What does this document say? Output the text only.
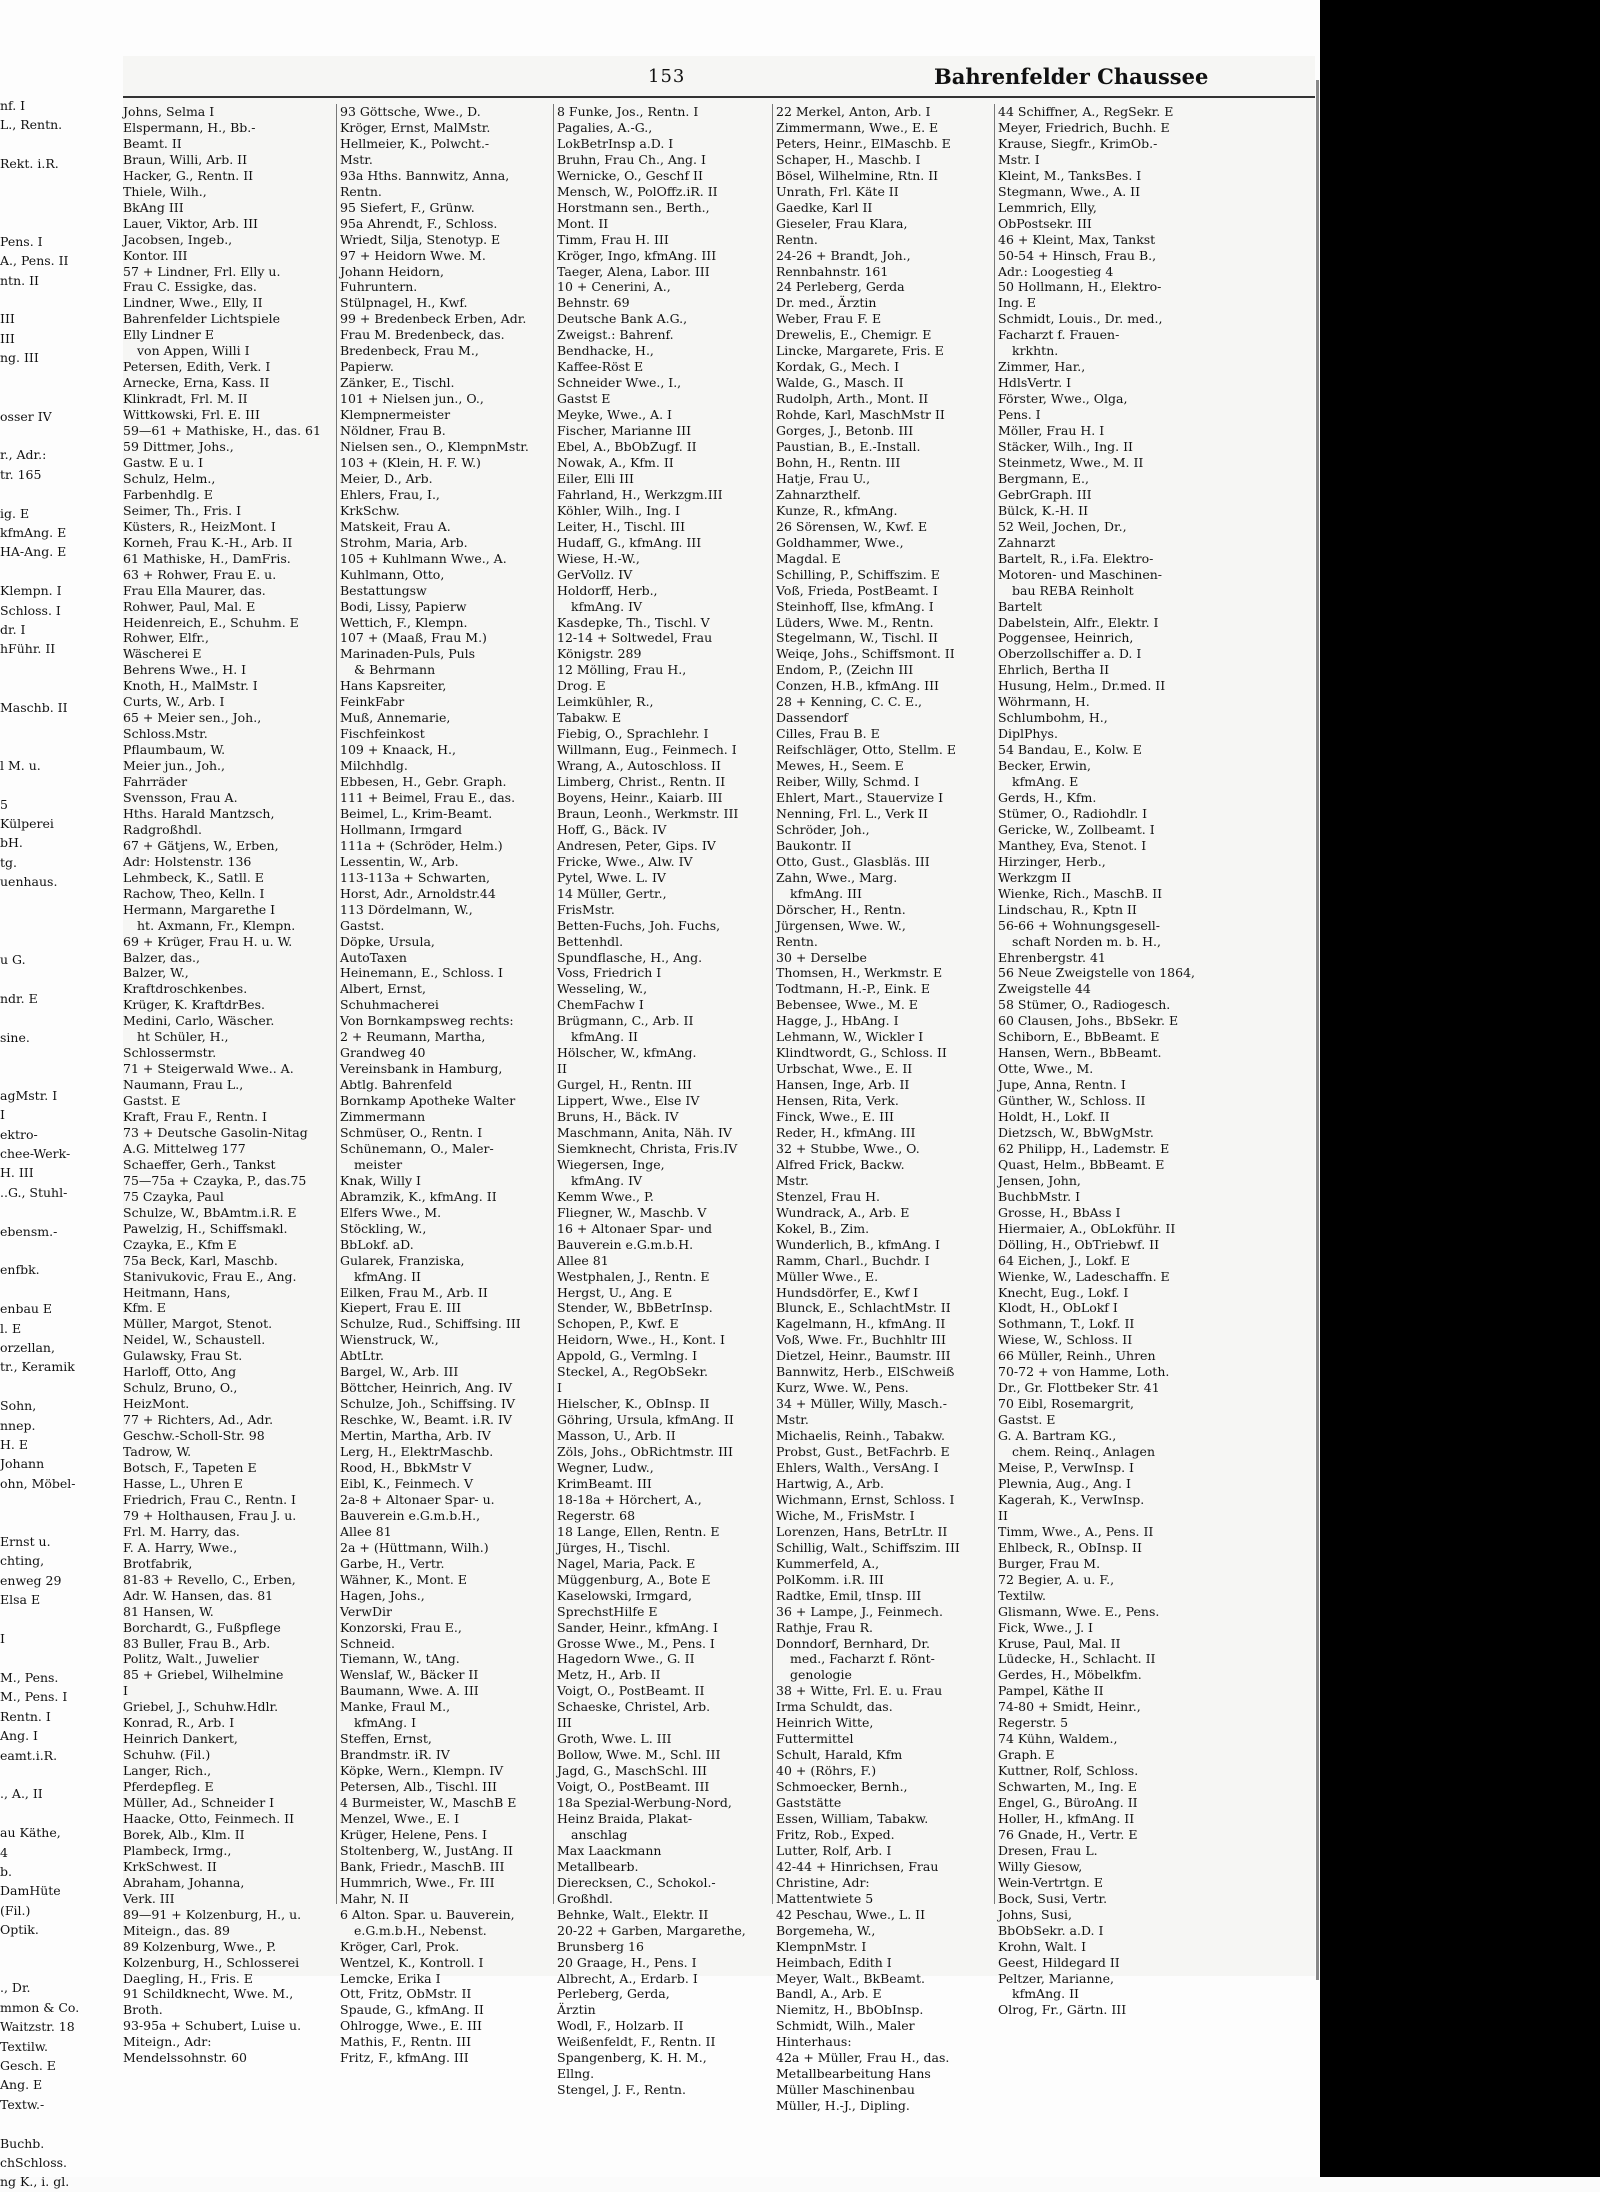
nf. I
L., Rentn.

Rekt. i.R.

Pens. I
A., Pens. II
ntn. II

III
III
ng. III

osser IV

r., Adr.:
tr. 165

ig. E
kfmAng. E
HA-Ang. E

Klempn. I
Schloss. I
dr. I
hFühr. II

Maschb. II

l M. u.

5
Külperei
bH.
tg.
uenhaus.

u G.

ndr. E

sine.

agMstr. I
I
ektro-
chee-Werk-
H. III
..G., Stuhl-

ebensm.-

enfbk.

enbau E
l. E
orzellan,
tr., Keramik

Sohn,
nnep.
H. E
Johann
ohn, Möbel-

Ernst u.
chting,
enweg 29
Elsa E

I

M., Pens.
M., Pens. I
Rentn. I
Ang. I
eamt.i.R.

., A., II

au Käthe,
4
b.
DamHüte
(Fil.)
Optik.

., Dr.
mmon & Co.
Waitzstr. 18
Textilw.
Gesch. E
Ang. E
Textw.-

Buchb.
chSchloss.
ng K., i. gl.
153	Bahrenfelder Chaussee
Johns, Selma I
Elspermann, H., Bb.-
Beamt. II
Braun, Willi, Arb. II
Hacker, G., Rentn. II
Thiele, Wilh.,
BkAng III
Lauer, Viktor, Arb. III
Jacobsen, Ingeb.,
Kontor. III
57 + Lindner, Frl. Elly u.
Frau C. Essigke, das.
Lindner, Wwe., Elly, II
Bahrenfelder Lichtspiele
Elly Lindner E
von Appen, Willi I
Petersen, Edith, Verk. I
Arnecke, Erna, Kass. II
Klinkradt, Frl. M. II
Wittkowski, Frl. E. III
59—61 + Mathiske, H., das. 61
59 Dittmer, Johs.,
Gastw. E u. I
Schulz, Helm.,
Farbenhdlg. E
Seimer, Th., Fris. I
Küsters, R., HeizMont. I
Korneh, Frau K.-H., Arb. II
61 Mathiske, H., DamFris.
63 + Rohwer, Frau E. u.
Frau Ella Maurer, das.
Rohwer, Paul, Mal. E
Heidenreich, E., Schuhm. E
Rohwer, Elfr.,
Wäscherei E
Behrens Wwe., H. I
Knoth, H., MalMstr. I
Curts, W., Arb. I
65 + Meier sen., Joh.,
Schloss.Mstr.
Pflaumbaum, W.
Meier jun., Joh.,
Fahrräder
Svensson, Frau A.
Hths. Harald Mantzsch,
Radgroßhdl.
67 + Gätjens, W., Erben,
Adr: Holstenstr. 136
Lehmbeck, K., Satll. E
Rachow, Theo, Kelln. I
Hermann, Margarethe I
ht. Axmann, Fr., Klempn.
69 + Krüger, Frau H. u. W.
Balzer, das.,
Balzer, W.,
Kraftdroschkenbes.
Krüger, K. KraftdrBes.
Medini, Carlo, Wäscher.
ht Schüler, H.,
Schlossermstr.
71 + Steigerwald Wwe.. A.
Naumann, Frau L.,
Gastst. E
Kraft, Frau F., Rentn. I
73 + Deutsche Gasolin-Nitag
A.G. Mittelweg 177
Schaeffer, Gerh., Tankst
75—75a + Czayka, P., das.75
75 Czayka, Paul
Schulze, W., BbAmtm.i.R. E
Pawelzig, H., Schiffsmakl.
Czayka, E., Kfm E
75a Beck, Karl, Maschb.
Stanivukovic, Frau E., Ang.
Heitmann, Hans,
Kfm. E
Müller, Margot, Stenot.
Neidel, W., Schaustell.
Gulawsky, Frau St.
Harloff, Otto, Ang
Schulz, Bruno, O.,
HeizMont.
77 + Richters, Ad., Adr.
Geschw.-Scholl-Str. 98
Tadrow, W.
Botsch, F., Tapeten E
Hasse, L., Uhren E
Friedrich, Frau C., Rentn. I
79 + Holthausen, Frau J. u.
Frl. M. Harry, das.
F. A. Harry, Wwe.,
Brotfabrik,
81-83 + Revello, C., Erben,
Adr. W. Hansen, das. 81
81 Hansen, W.
Borchardt, G., Fußpflege
83 Buller, Frau B., Arb.
Politz, Walt., Juwelier
85 + Griebel, Wilhelmine
I
Griebel, J., Schuhw.Hdlr.
Konrad, R., Arb. I
Heinrich Dankert,
Schuhw. (Fil.)
Langer, Rich.,
Pferdepfleg. E
Müller, Ad., Schneider I
Haacke, Otto, Feinmech. II
Borek, Alb., Klm. II
Plambeck, Irmg.,
KrkSchwest. II
Abraham, Johanna,
Verk. III
89—91 + Kolzenburg, H., u.
Miteign., das. 89
89 Kolzenburg, Wwe., P.
Kolzenburg, H., Schlosserei
Daegling, H., Fris. E
91 Schildknecht, Wwe. M.,
Broth.
93-95a + Schubert, Luise u.
Miteign., Adr:
Mendelssohnstr. 60
93 Göttsche, Wwe., D.
Kröger, Ernst, MalMstr.
Hellmeier, K., Polwcht.-
Mstr.
93a Hths. Bannwitz, Anna,
Rentn.
95 Siefert, F., Grünw.
95a Ahrendt, F., Schloss.
Wriedt, Silja, Stenotyp. E
97 + Heidorn Wwe. M.
Johann Heidorn,
Fuhruntern.
Stülpnagel, H., Kwf.
99 + Bredenbeck Erben, Adr.
Frau M. Bredenbeck, das.
Bredenbeck, Frau M.,
Papierw.
Zänker, E., Tischl.
101 + Nielsen jun., O.,
Klempnermeister
Nöldner, Frau B.
Nielsen sen., O., KlempnMstr.
103 + (Klein, H. F. W.)
Meier, D., Arb.
Ehlers, Frau, I.,
KrkSchw.
Matskeit, Frau A.
Strohm, Maria, Arb.
105 + Kuhlmann Wwe., A.
Kuhlmann, Otto,
Bestattungsw
Bodi, Lissy, Papierw
Wettich, F., Klempn.
107 + (Maaß, Frau M.)
Marinaden-Puls, Puls
& Behrmann
Hans Kapsreiter,
FeinkFabr
Muß, Annemarie,
Fischfeinkost
109 + Knaack, H.,
Milchhdlg.
Ebbesen, H., Gebr. Graph.
111 + Beimel, Frau E., das.
Beimel, L., Krim-Beamt.
Hollmann, Irmgard
111a + (Schröder, Helm.)
Lessentin, W., Arb.
113-113a + Schwarten,
Horst, Adr., Arnoldstr.44
113 Dördelmann, W.,
Gastst.
Döpke, Ursula,
AutoTaxen
Heinemann, E., Schloss. I
Albert, Ernst,
Schuhmacherei
Von Bornkampsweg rechts:
2 + Reumann, Martha,
Grandweg 40
Vereinsbank in Hamburg,
Abtlg. Bahrenfeld
Bornkamp Apotheke Walter
Zimmermann
Schmüser, O., Rentn. I
Schünemann, O., Maler-
meister
Knak, Willy I
Abramzik, K., kfmAng. II
Elfers Wwe., M.
Stöckling, W.,
BbLokf. aD.
Gularek, Franziska,
kfmAng. II
Eilken, Frau M., Arb. II
Kiepert, Frau E. III
Schulze, Rud., Schiffsing. III
Wienstruck, W.,
AbtLtr.
Bargel, W., Arb. III
Böttcher, Heinrich, Ang. IV
Schulze, Joh., Schiffsing. IV
Reschke, W., Beamt. i.R. IV
Mertin, Martha, Arb. IV
Lerg, H., ElektrMaschb.
Rood, H., BbkMstr V
Eibl, K., Feinmech. V
2a-8 + Altonaer Spar- u.
Bauverein e.G.m.b.H.,
Allee 81
2a + (Hüttmann, Wilh.)
Garbe, H., Vertr.
Wähner, K., Mont. E
Hagen, Johs.,
VerwDir
Konzorski, Frau E.,
Schneid.
Tiemann, W., tAng.
Wenslaf, W., Bäcker II
Baumann, Wwe. A. III
Manke, Fraul M.,
kfmAng. I
Steffen, Ernst,
Brandmstr. iR. IV
Köpke, Wern., Klempn. IV
Petersen, Alb., Tischl. III
4 Burmeister, W., MaschB E
Menzel, Wwe., E. I
Krüger, Helene, Pens. I
Stoltenberg, W., JustAng. II
Bank, Friedr., MaschB. III
Hummrich, Wwe., Fr. III
Mahr, N. II
6 Alton. Spar. u. Bauverein,
e.G.m.b.H., Nebenst.
Kröger, Carl, Prok.
Wentzel, K., Kontroll. I
Lemcke, Erika I
Ott, Fritz, ObMstr. II
Spaude, G., kfmAng. II
Ohlrogge, Wwe., E. III
Mathis, F., Rentn. III
Fritz, F., kfmAng. III
8 Funke, Jos., Rentn. I
Pagalies, A.-G.,
LokBetrInsp a.D. I
Bruhn, Frau Ch., Ang. I
Wernicke, O., Geschf II
Mensch, W., PolOffz.iR. II
Horstmann sen., Berth.,
Mont. II
Timm, Frau H. III
Kröger, Ingo, kfmAng. III
Taeger, Alena, Labor. III
10 + Cenerini, A.,
Behnstr. 69
Deutsche Bank A.G.,
Zweigst.: Bahrenf.
Bendhacke, H.,
Kaffee-Röst E
Schneider Wwe., I.,
Gastst E
Meyke, Wwe., A. I
Fischer, Marianne III
Ebel, A., BbObZugf. II
Nowak, A., Kfm. II
Eiler, Elli III
Fahrland, H., Werkzgm.III
Köhler, Wilh., Ing. I
Leiter, H., Tischl. III
Hudaff, G., kfmAng. III
Wiese, H.-W.,
GerVollz. IV
Holdorff, Herb.,
kfmAng. IV
Kasdepke, Th., Tischl. V
12-14 + Soltwedel, Frau
Königstr. 289
12 Mölling, Frau H.,
Drog. E
Leimkühler, R.,
Tabakw. E
Fiebig, O., Sprachlehr. I
Willmann, Eug., Feinmech. I
Wrang, A., Autoschloss. II
Limberg, Christ., Rentn. II
Boyens, Heinr., Kaiarb. III
Braun, Leonh., Werkmstr. III
Hoff, G., Bäck. IV
Andresen, Peter, Gips. IV
Fricke, Wwe., Alw. IV
Pytel, Wwe. L. IV
14 Müller, Gertr.,
FrisMstr.
Betten-Fuchs, Joh. Fuchs,
Bettenhdl.
Spundflasche, H., Ang.
Voss, Friedrich I
Wesseling, W.,
ChemFachw I
Brügmann, C., Arb. II
kfmAng. II
Hölscher, W., kfmAng.
II
Gurgel, H., Rentn. III
Lippert, Wwe., Else IV
Bruns, H., Bäck. IV
Maschmann, Anita, Näh. IV
Siemknecht, Christa, Fris.IV
Wiegersen, Inge,
kfmAng. IV
Kemm Wwe., P.
Fliegner, W., Maschb. V
16 + Altonaer Spar- und
Bauverein e.G.m.b.H.
Allee 81
Westphalen, J., Rentn. E
Hergst, U., Ang. E
Stender, W., BbBetrInsp.
Schopen, P., Kwf. E
Heidorn, Wwe., H., Kont. I
Appold, G., Vermlng. I
Steckel, A., RegObSekr.
I
Hielscher, K., ObInsp. II
Göhring, Ursula, kfmAng. II
Masson, U., Arb. II
Zöls, Johs., ObRichtmstr. III
Wegner, Ludw.,
KrimBeamt. III
18-18a + Hörchert, A.,
Regerstr. 68
18 Lange, Ellen, Rentn. E
Jürges, H., Tischl.
Nagel, Maria, Pack. E
Müggenburg, A., Bote E
Kaselowski, Irmgard,
SprechstHilfe E
Sander, Heinr., kfmAng. I
Grosse Wwe., M., Pens. I
Hagedorn Wwe., G. II
Metz, H., Arb. II
Voigt, O., PostBeamt. II
Schaeske, Christel, Arb.
III
Groth, Wwe. L. III
Bollow, Wwe. M., Schl. III
Jagd, G., MaschSchl. III
Voigt, O., PostBeamt. III
18a Spezial-Werbung-Nord,
Heinz Braida, Plakat-
anschlag
Max Laackmann
Metallbearb.
Dierecksen, C., Schokol.-
Großhdl.
Behnke, Walt., Elektr. II
20-22 + Garben, Margarethe,
Brunsberg 16
20 Graage, H., Pens. I
Albrecht, A., Erdarb. I
Perleberg, Gerda,
Ärztin
Wodl, F., Holzarb. II
Weißenfeldt, F., Rentn. II
Spangenberg, K. H. M.,
Ellng.
Stengel, J. F., Rentn.
22 Merkel, Anton, Arb. I
Zimmermann, Wwe., E. E
Peters, Heinr., ElMaschb. E
Schaper, H., Maschb. I
Bösel, Wilhelmine, Rtn. II
Unrath, Frl. Käte II
Gaedke, Karl II
Gieseler, Frau Klara,
Rentn.
24-26 + Brandt, Joh.,
Rennbahnstr. 161
24 Perleberg, Gerda
Dr. med., Ärztin
Weber, Frau F. E
Drewelis, E., Chemigr. E
Lincke, Margarete, Fris. E
Kordak, G., Mech. I
Walde, G., Masch. II
Rudolph, Arth., Mont. II
Rohde, Karl, MaschMstr II
Gorges, J., Betonb. III
Paustian, B., E.-Install.
Bohn, H., Rentn. III
Hatje, Frau U.,
Zahnarzthelf.
Kunze, R., kfmAng.
26 Sörensen, W., Kwf. E
Goldhammer, Wwe.,
Magdal. E
Schilling, P., Schiffszim. E
Voß, Frieda, PostBeamt. I
Steinhoff, Ilse, kfmAng. I
Lüders, Wwe. M., Rentn.
Stegelmann, W., Tischl. II
Weiqe, Johs., Schiffsmont. II
Endom, P., (Zeichn III
Conzen, H.B., kfmAng. III
28 + Kenning, C. C. E.,
Dassendorf
Cilles, Frau B. E
Reifschläger, Otto, Stellm. E
Mewes, H., Seem. E
Reiber, Willy, Schmd. I
Ehlert, Mart., Stauervize I
Nenning, Frl. L., Verk II
Schröder, Joh.,
Baukontr. II
Otto, Gust., Glasbläs. III
Zahn, Wwe., Marg.
kfmAng. III
Dörscher, H., Rentn.
Jürgensen, Wwe. W.,
Rentn.
30 + Derselbe
Thomsen, H., Werkmstr. E
Todtmann, H.-P., Eink. E
Bebensee, Wwe., M. E
Hagge, J., HbAng. I
Lehmann, W., Wickler I
Klindtwordt, G., Schloss. II
Urbschat, Wwe., E. II
Hansen, Inge, Arb. II
Hensen, Rita, Verk.
Finck, Wwe., E. III
Reder, H., kfmAng. III
32 + Stubbe, Wwe., O.
Alfred Frick, Backw.
Mstr.
Stenzel, Frau H.
Wundrack, A., Arb. E
Kokel, B., Zim.
Wunderlich, B., kfmAng. I
Ramm, Charl., Buchdr. I
Müller Wwe., E.
Hundsdörfer, E., Kwf I
Blunck, E., SchlachtMstr. II
Kagelmann, H., kfmAng. II
Voß, Wwe. Fr., Buchhltr III
Dietzel, Heinr., Baumstr. III
Bannwitz, Herb., ElSchweiß
Kurz, Wwe. W., Pens.
34 + Müller, Willy, Masch.-
Mstr.
Michaelis, Reinh., Tabakw.
Probst, Gust., BetFachrb. E
Ehlers, Walth., VersAng. I
Hartwig, A., Arb.
Wichmann, Ernst, Schloss. I
Wiche, M., FrisMstr. I
Lorenzen, Hans, BetrLtr. II
Schillig, Walt., Schiffszim. III
Kummerfeld, A.,
PolKomm. i.R. III
Radtke, Emil, tInsp. III
36 + Lampe, J., Feinmech.
Rathje, Frau R.
Donndorf, Bernhard, Dr.
med., Facharzt f. Rönt-
genologie
38 + Witte, Frl. E. u. Frau
Irma Schuldt, das.
Heinrich Witte,
Futtermittel
Schult, Harald, Kfm
40 + (Röhrs, F.)
Schmoecker, Bernh.,
Gaststätte
Essen, William, Tabakw.
Fritz, Rob., Exped.
Lutter, Rolf, Arb. I
42-44 + Hinrichsen, Frau
Christine, Adr:
Mattentwiete 5
42 Peschau, Wwe., L. II
Borgemeha, W.,
KlempnMstr. I
Heimbach, Edith I
Meyer, Walt., BkBeamt.
Bandl, A., Arb. E
Niemitz, H., BbObInsp.
Schmidt, Wilh., Maler
Hinterhaus:
42a + Müller, Frau H., das.
Metallbearbeitung Hans
Müller Maschinenbau
Müller, H.-J., Dipling.
44 Schiffner, A., RegSekr. E
Meyer, Friedrich, Buchh. E
Krause, Siegfr., KrimOb.-
Mstr. I
Kleint, M., TanksBes. I
Stegmann, Wwe., A. II
Lemmrich, Elly,
ObPostsekr. III
46 + Kleint, Max, Tankst
50-54 + Hinsch, Frau B.,
Adr.: Loogestieg 4
50 Hollmann, H., Elektro-
Ing. E
Schmidt, Louis., Dr. med.,
Facharzt f. Frauen-
krkhtn.
Zimmer, Har.,
HdlsVertr. I
Förster, Wwe., Olga,
Pens. I
Möller, Frau H. I
Stäcker, Wilh., Ing. II
Steinmetz, Wwe., M. II
Bergmann, E.,
GebrGraph. III
Bülck, K.-H. II
52 Weil, Jochen, Dr.,
Zahnarzt
Bartelt, R., i.Fa. Elektro-
Motoren- und Maschinen-
bau REBA Reinholt
Bartelt
Dabelstein, Alfr., Elektr. I
Poggensee, Heinrich,
Oberzollschiffer a. D. I
Ehrlich, Bertha II
Husung, Helm., Dr.med. II
Wöhrmann, H.
Schlumbohm, H.,
DiplPhys.
54 Bandau, E., Kolw. E
Becker, Erwin,
kfmAng. E
Gerds, H., Kfm.
Stümer, O., Radiohdlr. I
Gericke, W., Zollbeamt. I
Manthey, Eva, Stenot. I
Hirzinger, Herb.,
Werkzgm II
Wienke, Rich., MaschB. II
Lindschau, R., Kptn II
56-66 + Wohnungsgesell-
schaft Norden m. b. H.,
Ehrenbergstr. 41
56 Neue Zweigstelle von 1864,
Zweigstelle 44
58 Stümer, O., Radiogesch.
60 Clausen, Johs., BbSekr. E
Schiborn, E., BbBeamt. E
Hansen, Wern., BbBeamt.
Otte, Wwe., M.
Jupe, Anna, Rentn. I
Günther, W., Schloss. II
Holdt, H., Lokf. II
Dietzsch, W., BbWgMstr.
62 Philipp, H., Lademstr. E
Quast, Helm., BbBeamt. E
Jensen, John,
BuchbMstr. I
Grosse, H., BbAss I
Hiermaier, A., ObLokführ. II
Dölling, H., ObTriebwf. II
64 Eichen, J., Lokf. E
Wienke, W., Ladeschaffn. E
Knecht, Eug., Lokf. I
Klodt, H., ObLokf I
Sothmann, T., Lokf. II
Wiese, W., Schloss. II
66 Müller, Reinh., Uhren
70-72 + von Hamme, Loth.
Dr., Gr. Flottbeker Str. 41
70 Eibl, Rosemargrit,
Gastst. E
G. A. Bartram KG.,
chem. Reinq., Anlagen
Meise, P., VerwInsp. I
Plewnia, Aug., Ang. I
Kagerah, K., VerwInsp.
II
Timm, Wwe., A., Pens. II
Ehlbeck, R., ObInsp. II
Burger, Frau M.
72 Begier, A. u. F.,
Textilw.
Glismann, Wwe. E., Pens.
Fick, Wwe., J. I
Kruse, Paul, Mal. II
Lüdecke, H., Schlacht. II
Gerdes, H., Möbelkfm.
Pampel, Käthe II
74-80 + Smidt, Heinr.,
Regerstr. 5
74 Kühn, Waldem.,
Graph. E
Kuttner, Rolf, Schloss.
Schwarten, M., Ing. E
Engel, G., BüroAng. II
Holler, H., kfmAng. II
76 Gnade, H., Vertr. E
Dresen, Frau L.
Willy Giesow,
Wein-Vertrtgn. E
Bock, Susi, Vertr.
Johns, Susi,
BbObSekr. a.D. I
Krohn, Walt. I
Geest, Hildegard II
Peltzer, Marianne,
kfmAng. II
Olrog, Fr., Gärtn. III
